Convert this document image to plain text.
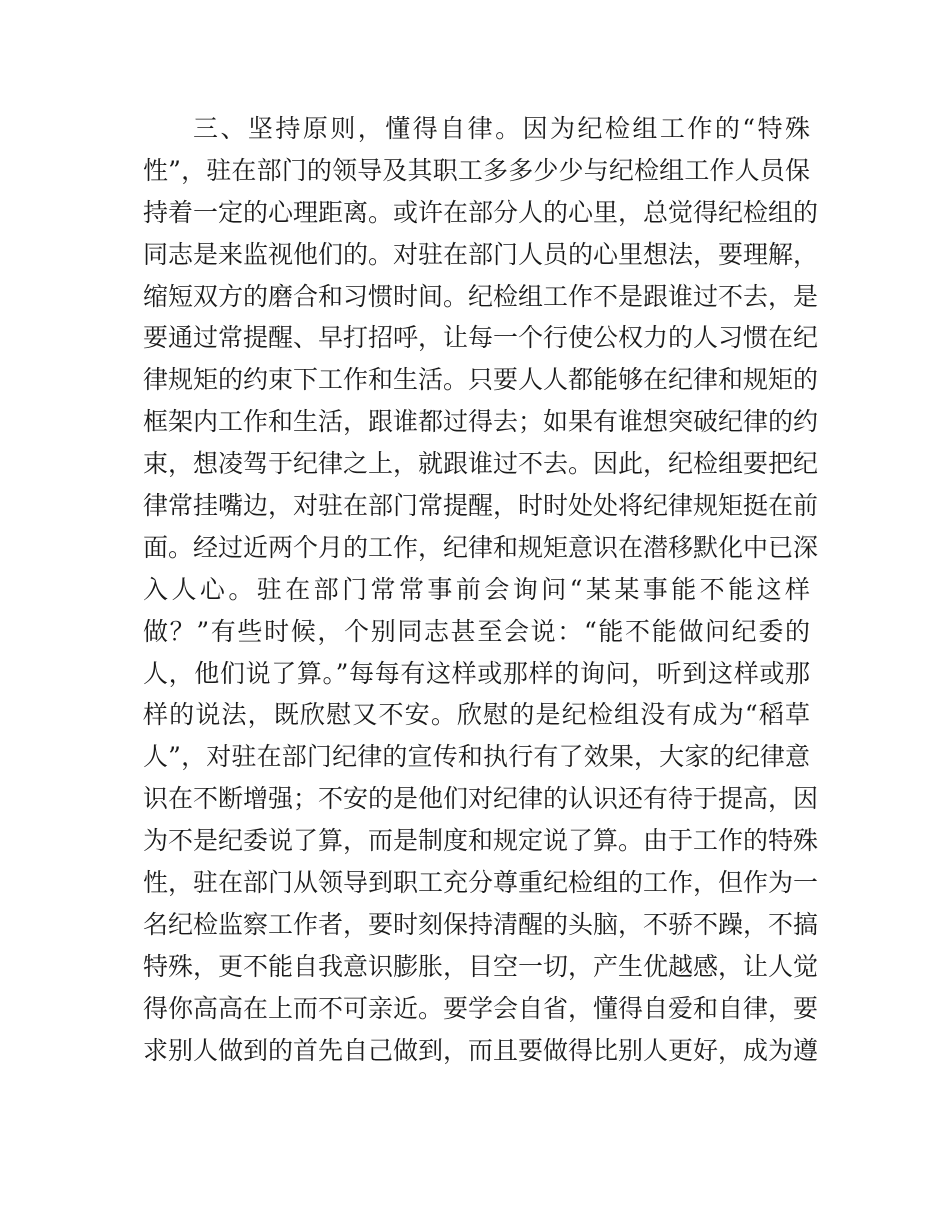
三、坚持原则，懂得自律。因为纪检组工作的“特殊
性”，驻在部门的领导及其职工多多少少与纪检组工作人员保
持着一定的心理距离。或许在部分人的心里，总觉得纪检组的
同志是来监视他们的。对驻在部门人员的心里想法，要理解，
缩短双方的磨合和习惯时间。纪检组工作不是跟谁过不去，是
要通过常提醒、早打招呼，让每一个行使公权力的人习惯在纪
律规矩的约束下工作和生活。只要人人都能够在纪律和规矩的
框架内工作和生活，跟谁都过得去；如果有谁想突破纪律的约
束，想凌驾于纪律之上，就跟谁过不去。因此，纪检组要把纪
律常挂嘴边，对驻在部门常提醒，时时处处将纪律规矩挺在前
面。经过近两个月的工作，纪律和规矩意识在潜移默化中已深
入人心。驻在部门常常事前会询问“某某事能不能这样
做？”有些时候，个别同志甚至会说：“能不能做问纪委的
人，他们说了算。”每每有这样或那样的询问，听到这样或那
样的说法，既欣慰又不安。欣慰的是纪检组没有成为“稻草
人”，对驻在部门纪律的宣传和执行有了效果，大家的纪律意
识在不断增强；不安的是他们对纪律的认识还有待于提高，因
为不是纪委说了算，而是制度和规定说了算。由于工作的特殊
性，驻在部门从领导到职工充分尊重纪检组的工作，但作为一
名纪检监察工作者，要时刻保持清醒的头脑，不骄不躁，不搞
特殊，更不能自我意识膨胀，目空一切，产生优越感，让人觉
得你高高在上而不可亲近。要学会自省，懂得自爱和自律，要
求别人做到的首先自己做到，而且要做得比别人更好，成为遵
